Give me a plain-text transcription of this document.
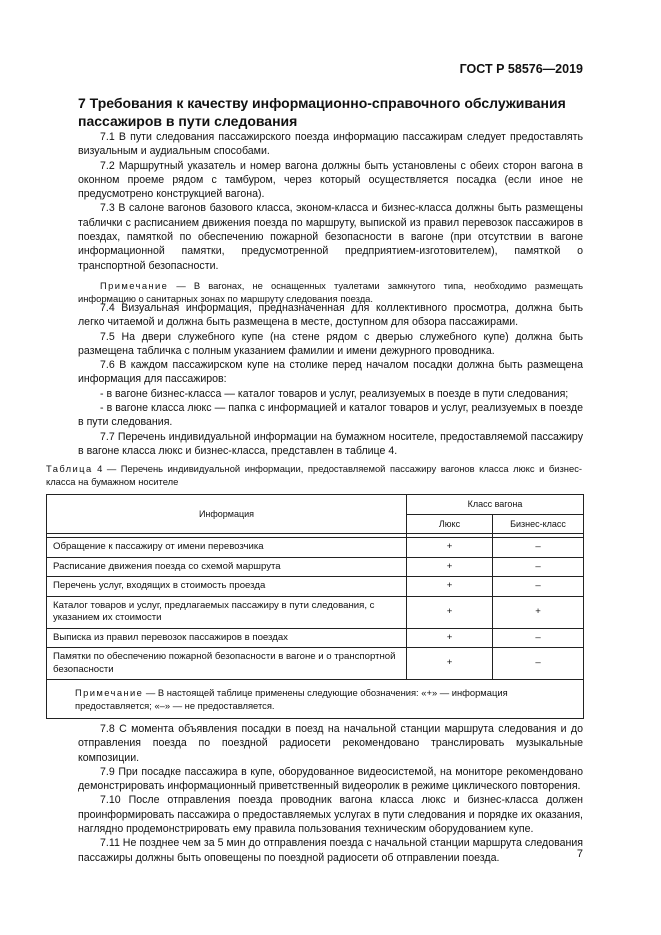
ГОСТ Р 58576—2019
7 Требования к качеству информационно-справочного обслуживания пассажиров в пути следования

7.1 В пути следования пассажирского поезда информацию пассажирам следует предоставлять визуальным и аудиальным способами.

7.2 Маршрутный указатель и номер вагона должны быть установлены с обеих сторон вагона в оконном проеме рядом с тамбуром, через который осуществляется посадка (если иное не предусмотрено конструкцией вагона).

7.3 В салоне вагонов базового класса, эконом-класса и бизнес-класса должны быть размещены таблички с расписанием движения поезда по маршруту, выпиской из правил перевозок пассажиров в поездах, памяткой по обеспечению пожарной безопасности в вагоне (при отсутствии в вагоне информационной памятки, предусмотренной предприятием-изготовителем), памяткой о транспортной безопасности.

Примечание — В вагонах, не оснащенных туалетами замкнутого типа, необходимо размещать информацию о санитарных зонах по маршруту следования поезда.

7.4 Визуальная информация, предназначенная для коллективного просмотра, должна быть легко читаемой и должна быть размещена в месте, доступном для обзора пассажирами.

7.5 На двери служебного купе (на стене рядом с дверью служебного купе) должна быть размещена табличка с полным указанием фамилии и имени дежурного проводника.

7.6 В каждом пассажирском купе на столике перед началом посадки должна быть размещена информация для пассажиров:

- в вагоне бизнес-класса — каталог товаров и услуг, реализуемых в поезде в пути следования;

- в вагоне класса люкс — папка с информацией и каталог товаров и услуг, реализуемых в поезде в пути следования.

7.7 Перечень индивидуальной информации на бумажном носителе, предоставляемой пассажиру в вагоне класса люкс и бизнес-класса, представлен в таблице 4.

Таблица 4 — Перечень индивидуальной информации, предоставляемой пассажиру вагонов класса люкс и бизнес-класса на бумажном носителе
Информация	Класс вагона	
	Люкс	Бизнес-класс

Обращение к пассажиру от имени перевозчика	+	–
Расписание движения поезда со схемой маршрута	+	–
Перечень услуг, входящих в стоимость проезда	+	–
Каталог товаров и услуг, предлагаемых пассажиру в пути следования, с указанием их стоимости	+	+
Выписка из правил перевозок пассажиров в поездах	+	–
Памятки по обеспечению пожарной безопасности в вагоне и о транспортной безопасности	+	–
Примечание — В настоящей таблице применены следующие обозначения: «+» — информация предоставляется; «–» — не предоставляется.		

7.8 С момента объявления посадки в поезд на начальной станции маршрута следования и до отправления поезда по поездной радиосети рекомендовано транслировать музыкальные композиции.

7.9 При посадке пассажира в купе, оборудованное видеосистемой, на мониторе рекомендовано демонстрировать информационный приветственный видеоролик в режиме циклического повторения.

7.10 После отправления поезда проводник вагона класса люкс и бизнес-класса должен проинформировать пассажира о предоставляемых услугах в пути следования и порядке их оказания, наглядно продемонстрировать ему правила пользования техническим оборудованием купе.

7.11 Не позднее чем за 5 мин до отправления поезда с начальной станции маршрута следования пассажиры должны быть оповещены по поездной радиосети об отправлении поезда.	7
